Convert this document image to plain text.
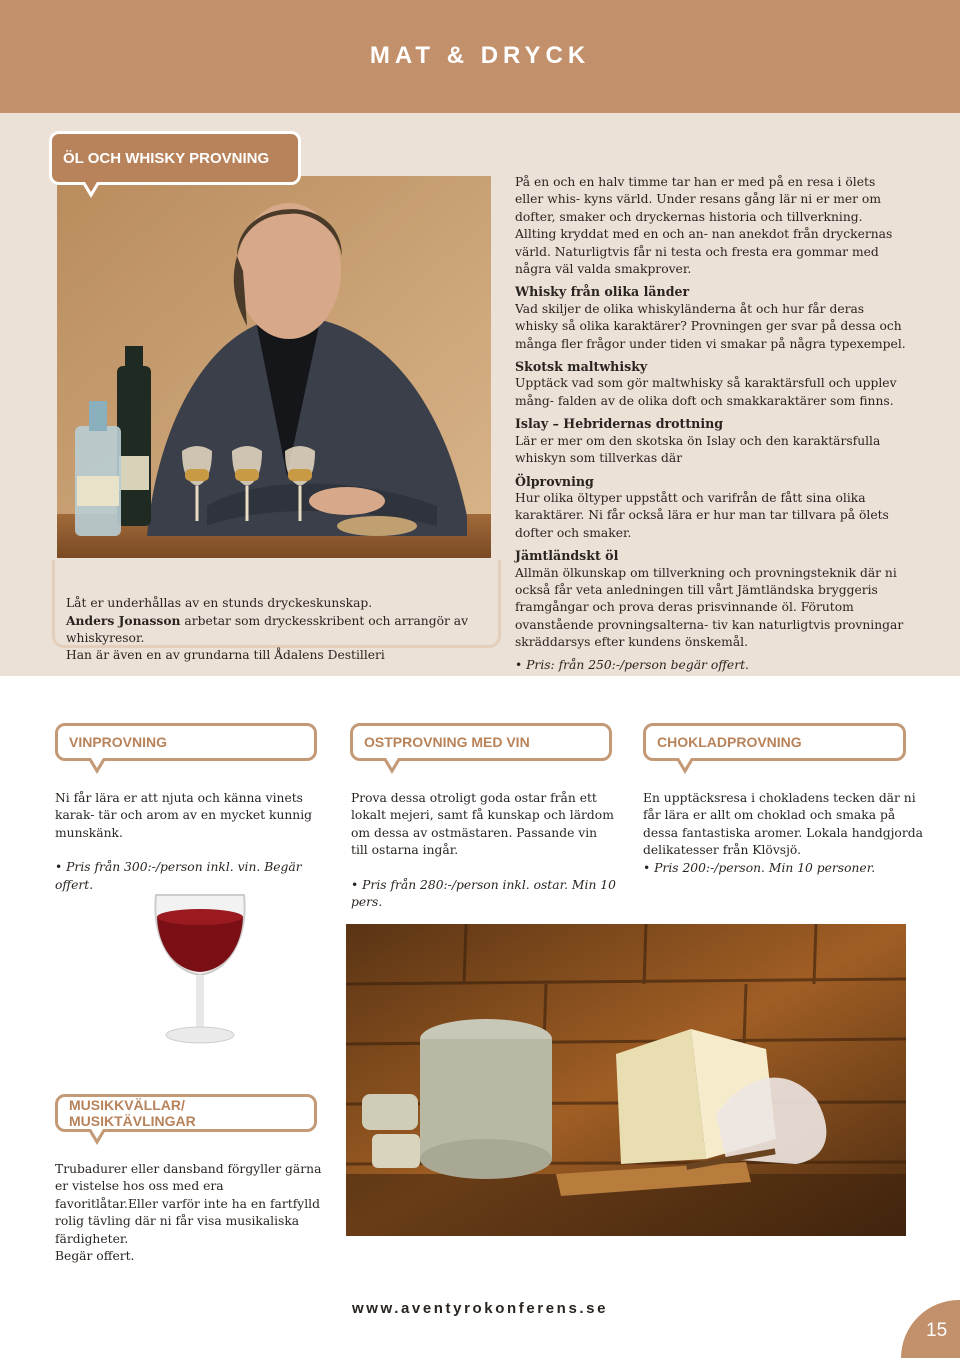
MAT & DRYCK
ÖL OCH WHISKY PROVNING
Låt er underhållas av en stunds dryckeskunskap.
Anders Jonasson arbetar som dryckesskribent och arrangör av whiskyresor.
Han är även en av grundarna till Ådalens Destilleri

På en och en halv timme tar han er med på en resa i ölets eller whis- kyns värld. Under resans gång lär ni er mer om dofter, smaker och dryckernas historia och tillverkning. Allting kryddat med en och an- nan anekdot från dryckernas värld. Naturligtvis får ni testa och fresta era gommar med några väl valda smakprover.

Whisky från olika länder

Vad skiljer de olika whiskyländerna åt och hur får deras whisky så olika karaktärer? Provningen ger svar på dessa och många fler frågor under tiden vi smakar på några typexempel.

Skotsk maltwhisky

Upptäck vad som gör maltwhisky så karaktärsfull och upplev mång- falden av de olika doft och smakkaraktärer som finns.

Islay – Hebridernas drottning

Lär er mer om den skotska ön Islay och den karaktärsfulla whiskyn som tillverkas där

Ölprovning

Hur olika öltyper uppstått och varifrån de fått sina olika karaktärer. Ni får också lära er hur man tar tillvara på ölets dofter och smaker.

Jämtländskt öl

Allmän ölkunskap om tillverkning och provningsteknik där ni också får veta anledningen till vårt Jämtländska bryggeris framgångar och prova deras prisvinnande öl. Förutom ovanstående provningsalterna- tiv kan naturligtvis provningar skräddarsys efter kundens önskemål.

• Pris: från 250:-/person begär offert.
VINPROVNING	OSTPROVNING MED VIN	CHOKLADPROVNING
Ni får lära er att njuta och känna vinets karak- tär och arom av en mycket kunnig munskänk.
• Pris från 300:-/person inkl. vin. Begär offert.
Prova dessa otroligt goda ostar från ett lokalt mejeri, samt få kunskap och lärdom om dessa av ostmästaren. Passande vin till ostarna ingår.
• Pris från 280:-/person inkl. ostar. Min 10 pers.
En upptäcksresa i chokladens tecken där ni får lära er allt om choklad och smaka på dessa fantastiska aromer. Lokala handgjorda delikatesser från Klövsjö.
• Pris 200:-/person. Min 10 personer.
MUSIKKVÄLLAR/ MUSIKTÄVLINGAR
Trubadurer eller dansband förgyller gärna er vistelse hos oss med era favoritlåtar.Eller varför inte ha en fartfylld rolig tävling där ni får visa musikaliska färdigheter.
Begär offert.
www.aventyrokonferens.se
15
